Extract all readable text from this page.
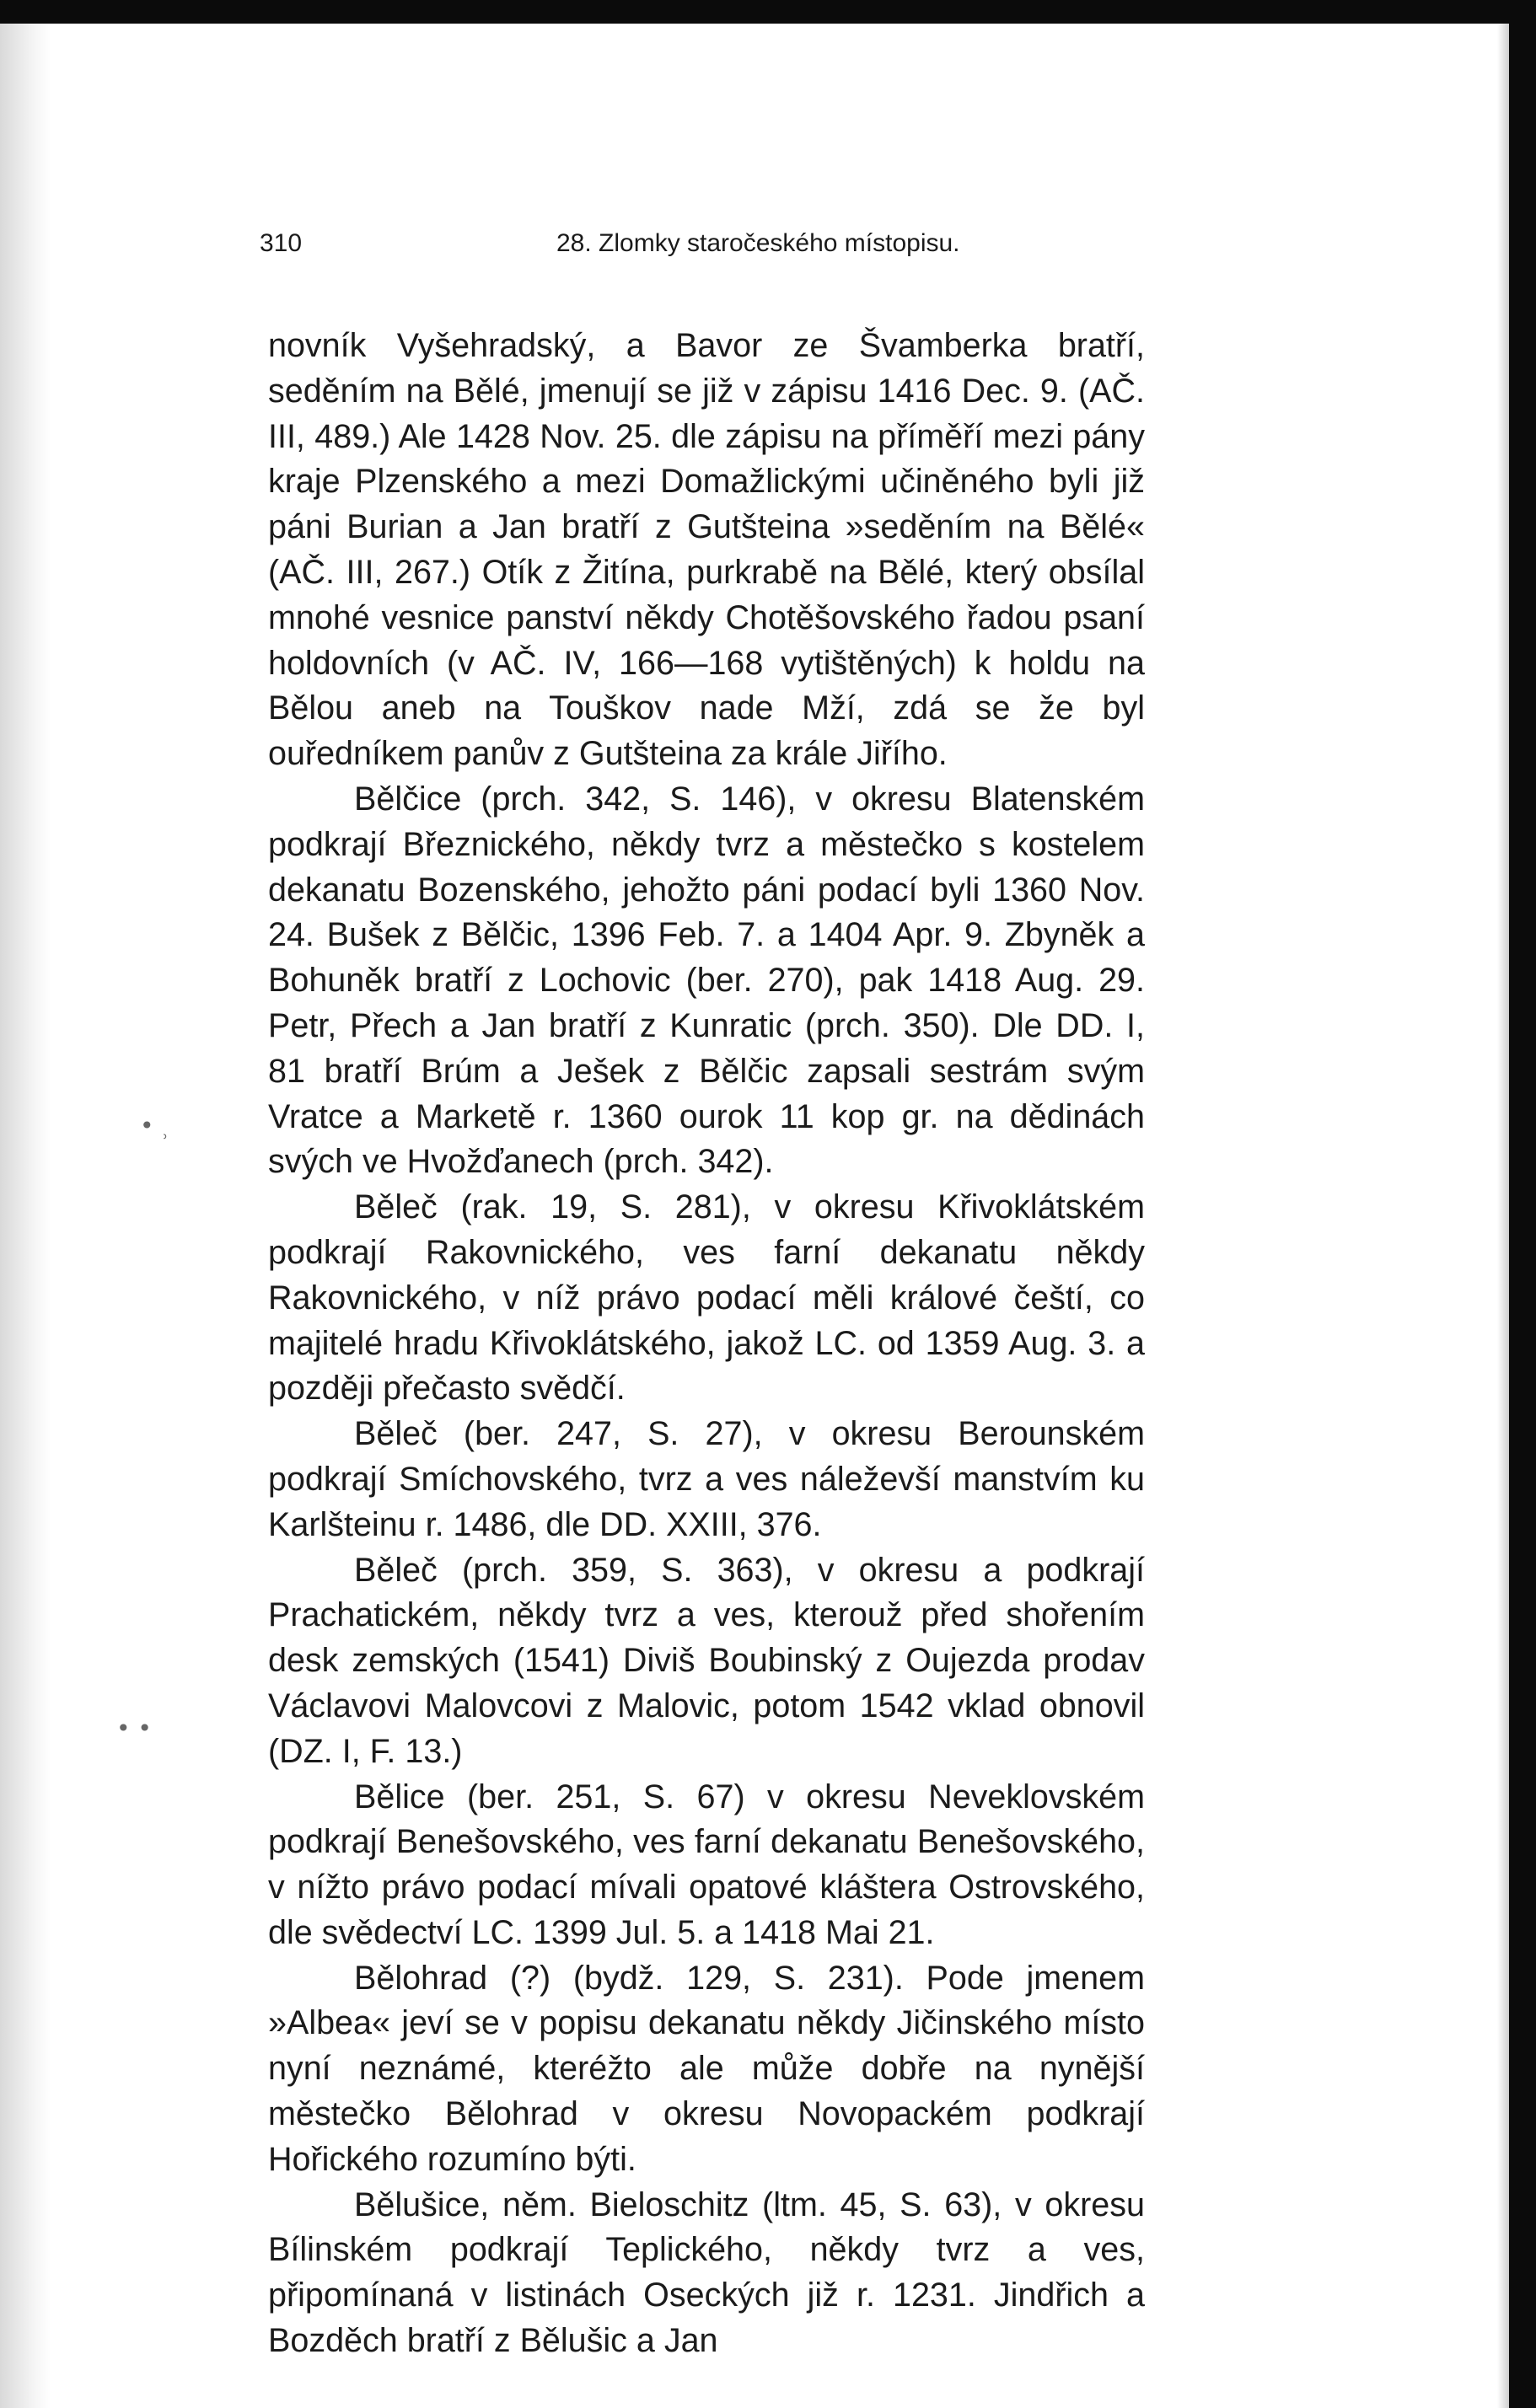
310	28. Zlomky staročeského místopisu.
• ⸒
• •

novník Vyšehradský, a Bavor ze Švamberka bratří, seděním na Bělé, jmenují se již v zápisu 1416 Dec. 9. (AČ. III, 489.) Ale 1428 Nov. 25. dle zápisu na příměří mezi pány kraje Plzenského a mezi Domažlickými učiněného byli již páni Burian a Jan bratří z Gutšteina »seděním na Bělé« (AČ. III, 267.) Otík z Žitína, purkrabě na Bělé, který obsílal mnohé vesnice panství někdy Chotěšovského řadou psaní holdovních (v AČ. IV, 166—168 vytištěných) k holdu na Bělou aneb na Touškov nade Mží, zdá se že byl ouředníkem panův z Gutšteina za krále Jiřího.

Bělčice (prch. 342, S. 146), v okresu Blatenském podkrají Březnického, někdy tvrz a městečko s kostelem dekanatu Bozenského, jehožto páni podací byli 1360 Nov. 24. Bušek z Bělčic, 1396 Feb. 7. a 1404 Apr. 9. Zbyněk a Bohuněk bratří z Lochovic (ber. 270), pak 1418 Aug. 29. Petr, Přech a Jan bratří z Kunratic (prch. 350). Dle DD. I, 81 bratří Brúm a Ješek z Bělčic zapsali sestrám svým Vratce a Marketě r. 1360 ourok 11 kop gr. na dědinách svých ve Hvožďanech (prch. 342).

Běleč (rak. 19, S. 281), v okresu Křivoklátském podkrají Rakovnického, ves farní dekanatu někdy Rakovnického, v níž právo podací měli králové čeští, co majitelé hradu Křivoklátského, jakož LC. od 1359 Aug. 3. a později přečasto svědčí.

Běleč (ber. 247, S. 27), v okresu Berounském podkrají Smíchovského, tvrz a ves náleževší manstvím ku Karlšteinu r. 1486, dle DD. XXIII, 376.

Běleč (prch. 359, S. 363), v okresu a podkrají Prachatickém, někdy tvrz a ves, kterouž před shořením desk zemských (1541) Diviš Boubinský z Oujezda prodav Václavovi Malovcovi z Malovic, potom 1542 vklad obnovil (DZ. I, F. 13.)

Bělice (ber. 251, S. 67) v okresu Neveklovském podkrají Benešovského, ves farní dekanatu Benešovského, v nížto právo podací mívali opatové kláštera Ostrovského, dle svědectví LC. 1399 Jul. 5. a 1418 Mai 21.

Bělohrad (?) (bydž. 129, S. 231). Pode jmenem »Albea« jeví se v popisu dekanatu někdy Jičinského místo nyní neznámé, kteréžto ale může dobře na nynější městečko Bělohrad v okresu Novopackém podkrají Hořického rozumíno býti.

Bělušice, něm. Bieloschitz (ltm. 45, S. 63), v okresu Bílinském podkrají Teplického, někdy tvrz a ves, připomínaná v listinách Oseckých již r. 1231. Jindřich a Bozděch bratří z Bělušic a Jan
